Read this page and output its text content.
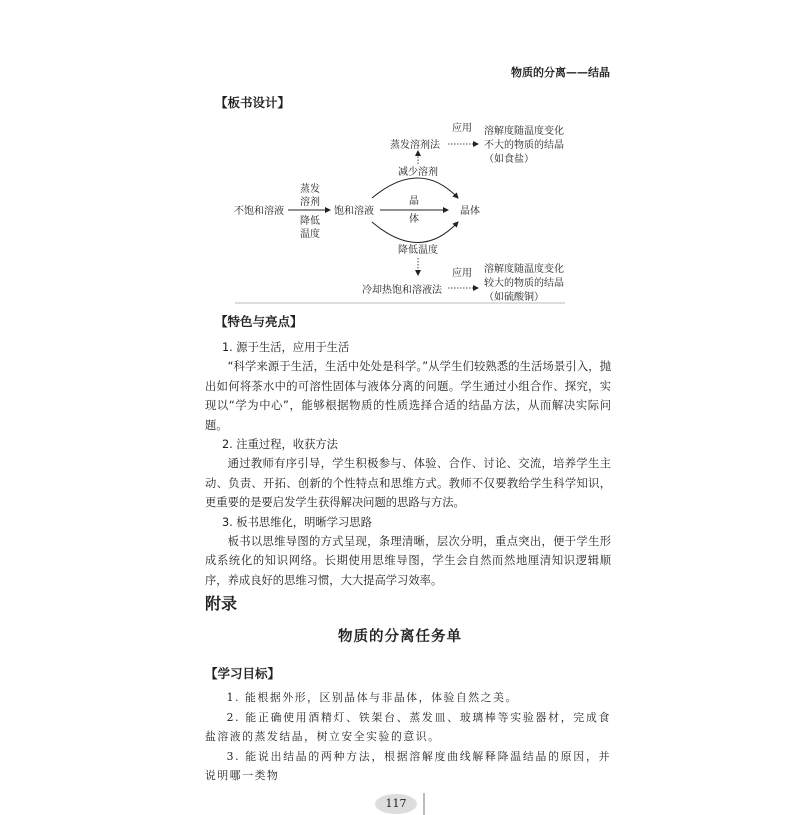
物质的分离——结晶
【板书设计】
不饱和溶液
蒸发
溶剂
降低
温度
饱和溶液
晶
体
晶体
减少溶剂
蒸发溶剂法
应用 溶解度随温度变化
不大的物质的结晶
（如食盐）
降低温度
冷却热饱和溶液法
应用 溶解度随温度变化
较大的物质的结晶
（如硫酸铜）
【特色与亮点】

1. 源于生活，应用于生活

“科学来源于生活，生活中处处是科学。”从学生们较熟悉的生活场景引入，抛出如何将茶水中的可溶性固体与液体分离的问题。学生通过小组合作、探究，实现以“学为中心”，能够根据物质的性质选择合适的结晶方法，从而解决实际问题。

2. 注重过程，收获方法

通过教师有序引导，学生积极参与、体验、合作、讨论、交流，培养学生主动、负责、开拓、创新的个性特点和思维方式。教师不仅要教给学生科学知识，更重要的是要启发学生获得解决问题的思路与方法。

3. 板书思维化，明晰学习思路

板书以思维导图的方式呈现，条理清晰，层次分明，重点突出，便于学生形成系统化的知识网络。长期使用思维导图，学生会自然而然地厘清知识逻辑顺序，养成良好的思维习惯，大大提高学习效率。

附录
物质的分离任务单
【学习目标】

1. 能根据外形，区别晶体与非晶体，体验自然之美。

2. 能正确使用酒精灯、铁架台、蒸发皿、玻璃棒等实验器材，完成食盐溶液的蒸发结晶，树立安全实验的意识。

3. 能说出结晶的两种方法，根据溶解度曲线解释降温结晶的原因，并说明哪一类物

117
